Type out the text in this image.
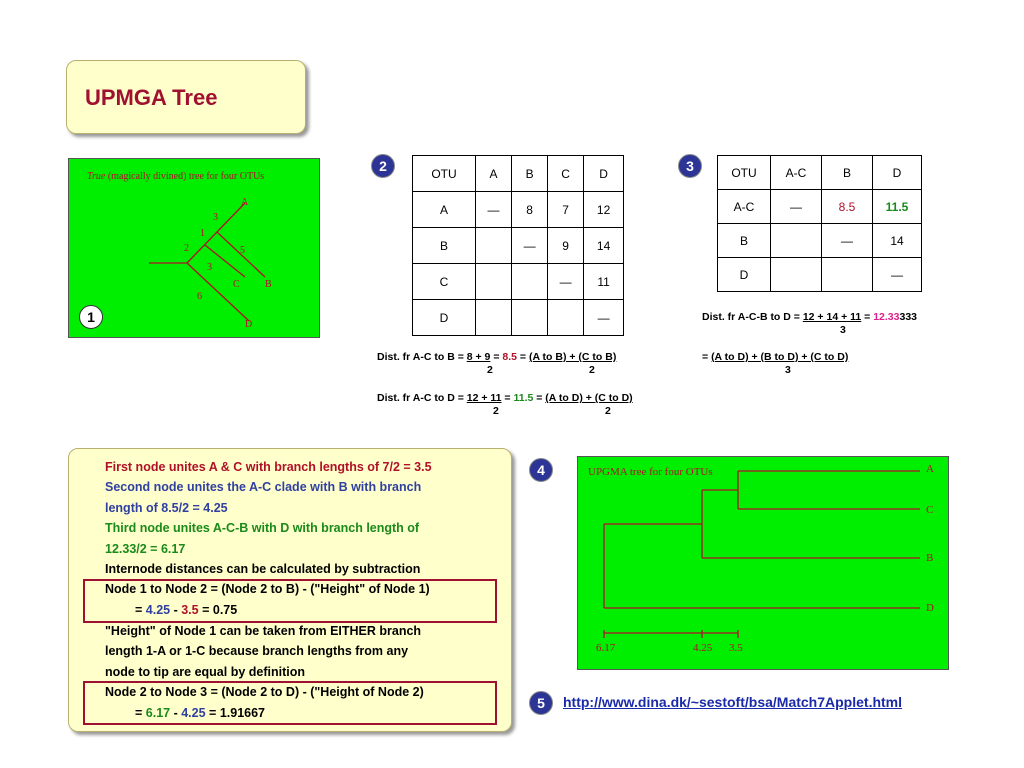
UPMGA Tree
True (magically divined) tree for four OTUs
A
C	B
D
3
1
2	5
3
6
1
2	OTU	A	B	C	D
A	—	8	7	12
B		—	9	14
C			—	11
D				—
Dist. fr A-C to B = 8 + 9 = 8.5 = (A to B) + (C to B)
2	2
Dist. fr A-C to D = 12 + 11 = 11.5 = (A to D) + (C to D)
2	2
3	OTU	A-C	B	D
A-C	—	8.5	11.5
B		—	14
D			—
Dist. fr A-C-B to D = 12 + 14 + 11 = 12.33333
3
= (A to D) + (B to D) + (C to D)
3
First node unites A & C with branch lengths of 7/2 = 3.5
Second node unites the A-C clade with B with branch
length of 8.5/2 = 4.25
Third node unites A-C-B with D with branch length of
12.33/2 = 6.17
Internode distances can be calculated by subtraction
Node 1 to Node 2 = (Node 2 to B) - ("Height" of Node 1)
= 4.25 - 3.5 = 0.75
"Height" of Node 1 can be taken from EITHER branch
length 1-A or 1-C because branch lengths from any
node to tip are equal by definition
Node 2 to Node 3 = (Node 2 to D) - ("Height of Node 2)
= 6.17 - 4.25 = 1.91667
4	UPGMA tree for four OTUs	A
C
B
D
6.17	4.25 3.5
5	http://www.dina.dk/~sestoft/bsa/Match7Applet.html
